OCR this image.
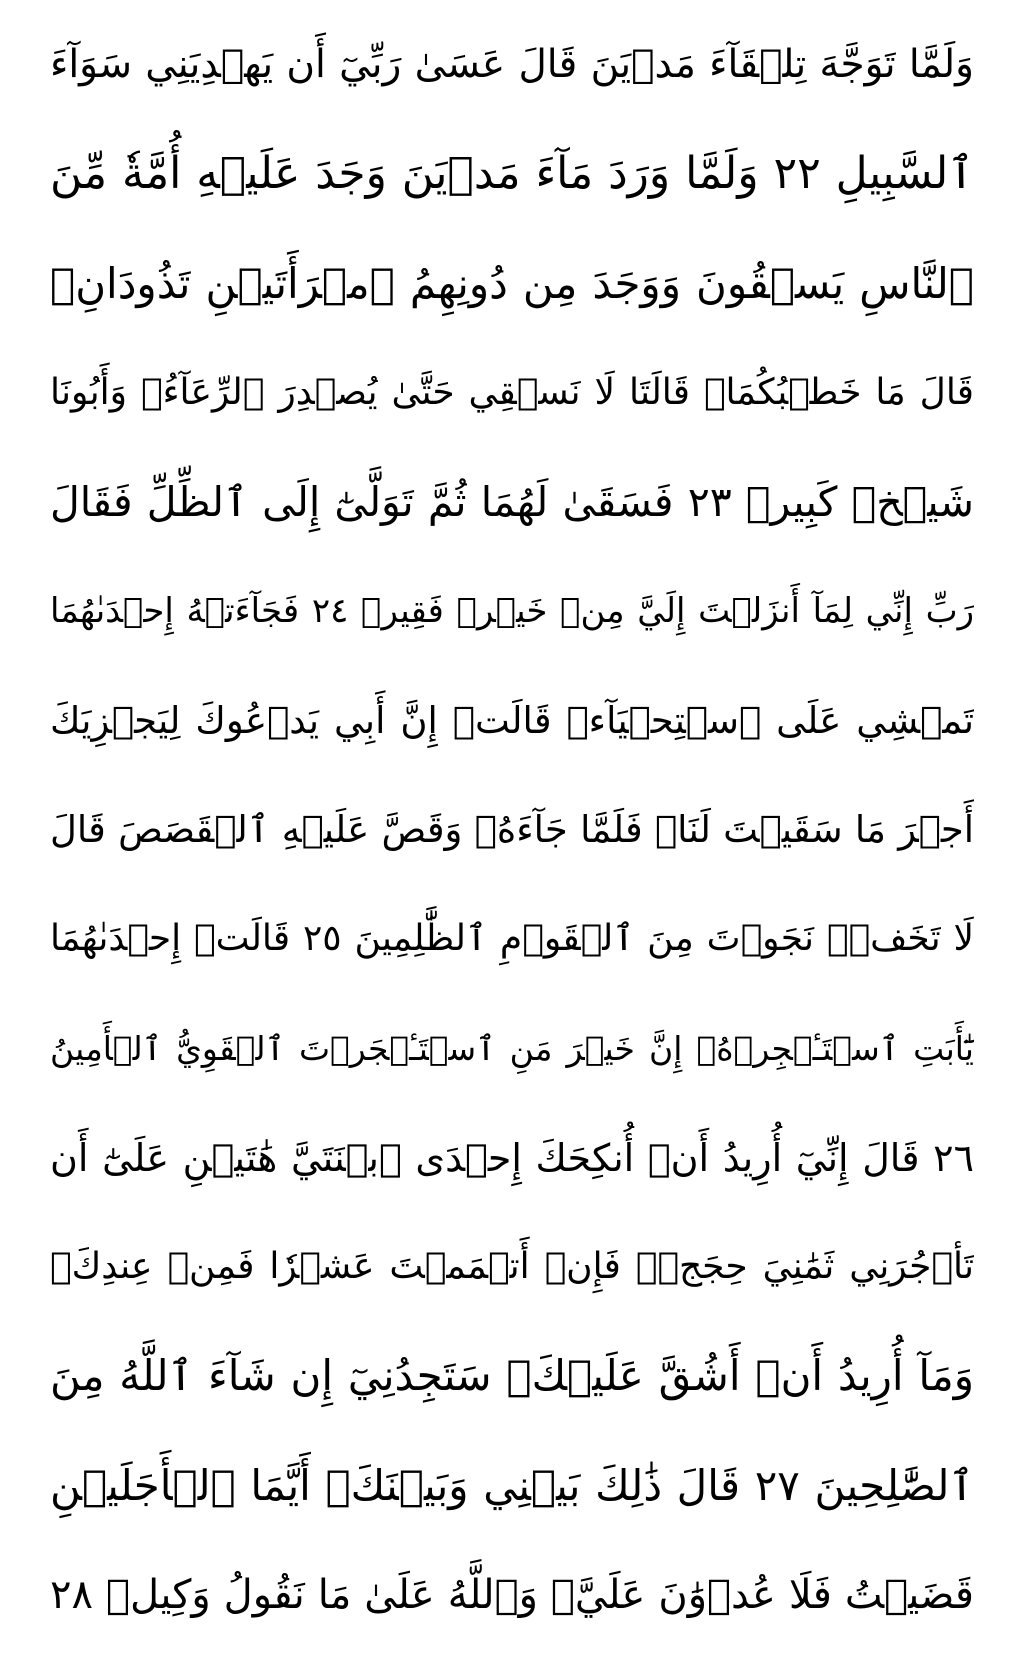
وَلَمَّا تَوَجَّهَ تِلۡقَآءَ مَدۡيَنَ قَالَ عَسَىٰ رَبِّيٓ أَن يَهۡدِيَنِي سَوَآءَ
ٱلسَّبِيلِ ٢٢ وَلَمَّا وَرَدَ مَآءَ مَدۡيَنَ وَجَدَ عَلَيۡهِ أُمَّةٗ مِّنَ
ٱلنَّاسِ يَسۡقُونَ وَوَجَدَ مِن دُونِهِمُ ٱمۡرَأَتَيۡنِ تَذُودَانِۖ
قَالَ مَا خَطۡبُكُمَاۖ قَالَتَا لَا نَسۡقِي حَتَّىٰ يُصۡدِرَ ٱلرِّعَآءُۖ وَأَبُونَا
شَيۡخٞ كَبِيرٞ ٢٣ فَسَقَىٰ لَهُمَا ثُمَّ تَوَلَّىٰٓ إِلَى ٱلظِّلِّ فَقَالَ
رَبِّ إِنِّي لِمَآ أَنزَلۡتَ إِلَيَّ مِنۡ خَيۡرٖ فَقِيرٞ ٢٤ فَجَآءَتۡهُ إِحۡدَىٰهُمَا
تَمۡشِي عَلَى ٱسۡتِحۡيَآءٖ قَالَتۡ إِنَّ أَبِي يَدۡعُوكَ لِيَجۡزِيَكَ
أَجۡرَ مَا سَقَيۡتَ لَنَاۚ فَلَمَّا جَآءَهُۥ وَقَصَّ عَلَيۡهِ ٱلۡقَصَصَ قَالَ
لَا تَخَفۡۖ نَجَوۡتَ مِنَ ٱلۡقَوۡمِ ٱلظَّٰلِمِينَ ٢٥ قَالَتۡ إِحۡدَىٰهُمَا
يَٰٓأَبَتِ ٱسۡتَـٔۡجِرۡهُۖ إِنَّ خَيۡرَ مَنِ ٱسۡتَـٔۡجَرۡتَ ٱلۡقَوِيُّ ٱلۡأَمِينُ
٢٦ قَالَ إِنِّيٓ أُرِيدُ أَنۡ أُنكِحَكَ إِحۡدَى ٱبۡنَتَيَّ هَٰتَيۡنِ عَلَىٰٓ أَن
تَأۡجُرَنِي ثَمَٰنِيَ حِجَجٖۖ فَإِنۡ أَتۡمَمۡتَ عَشۡرٗا فَمِنۡ عِندِكَۖ
وَمَآ أُرِيدُ أَنۡ أَشُقَّ عَلَيۡكَۚ سَتَجِدُنِيٓ إِن شَآءَ ٱللَّهُ مِنَ
ٱلصَّٰلِحِينَ ٢٧ قَالَ ذَٰلِكَ بَيۡنِي وَبَيۡنَكَۖ أَيَّمَا ٱلۡأَجَلَيۡنِ
قَضَيۡتُ فَلَا عُدۡوَٰنَ عَلَيَّۖ وَٱللَّهُ عَلَىٰ مَا نَقُولُ وَكِيلٞ ٢٨
